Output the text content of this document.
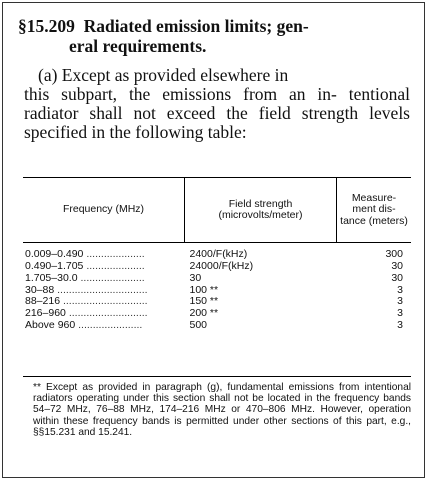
§15.209 Radiated emission limits; gen-
eral requirements.
(a) Except as provided elsewhere in
this subpart, the emissions from an in- tentional radiator shall not exceed the field strength levels specified in the following table:
Frequency (MHz)	Field strength (microvolts/meter)	Measure- ment dis- tance (meters)
0.009–0.490 ....................	2400/F(kHz)	300
0.490–1.705 ....................	24000/F(kHz)	30
1.705–30.0 ......................	30	30
30–88 ...............................	100 **	3
88–216 .............................	150 **	3
216–960 ...........................	200 **	3
Above 960 ......................	500	3
** Except as provided in paragraph (g), fundamental emissions from intentional radiators operating under this section shall not be located in the frequency bands 54–72 MHz, 76–88 MHz, 174–216 MHz or 470–806 MHz. However, operation within these frequency bands is permitted under other sections of this part, e.g., §§15.231 and 15.241.
